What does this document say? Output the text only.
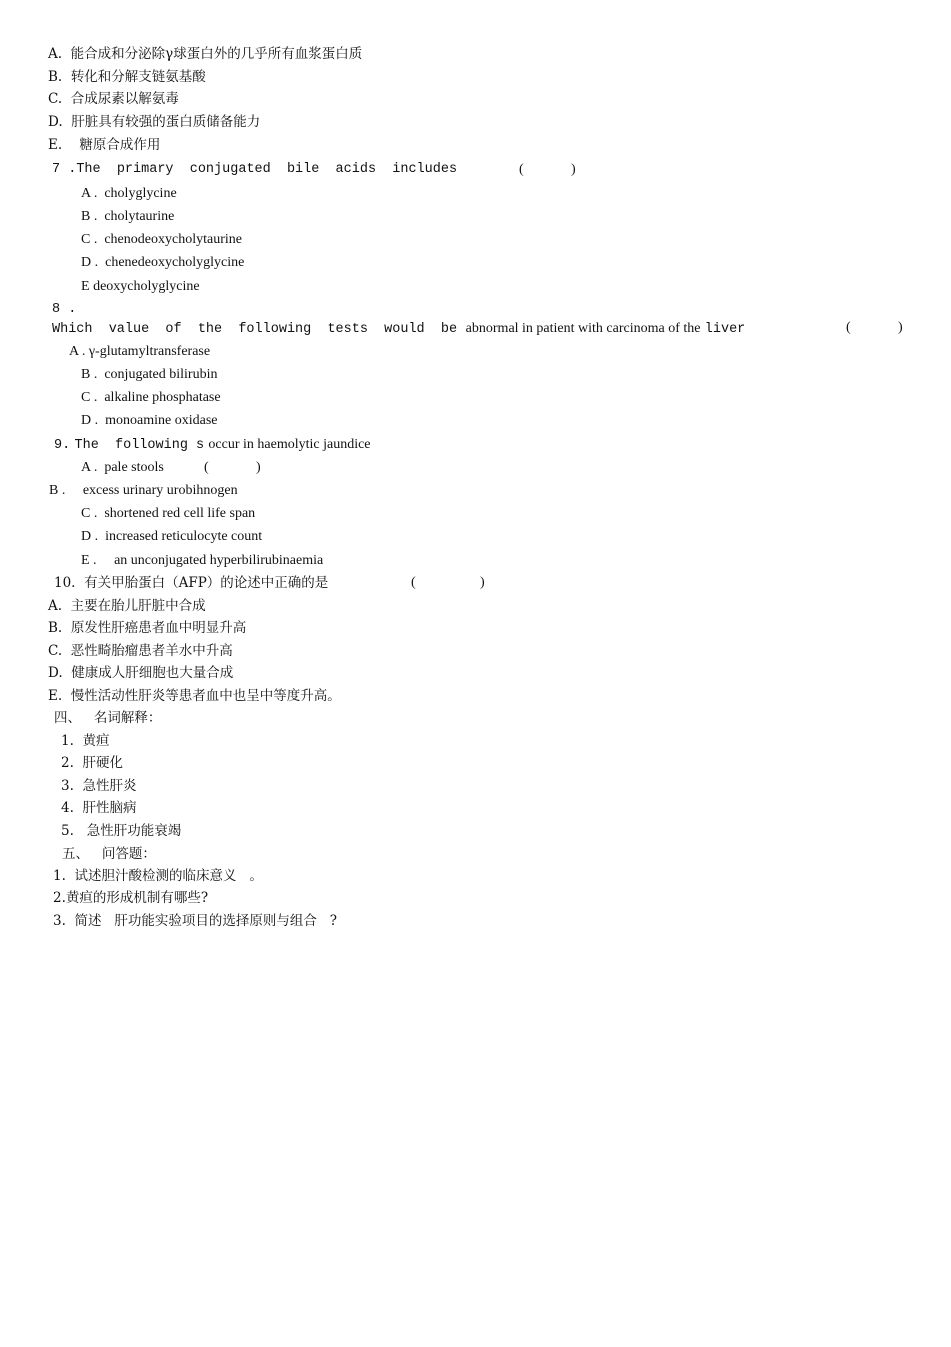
A. 能合成和分泌除γ球蛋白外的几乎所有血浆蛋白质
B. 转化和分解支链氨基酸
C. 合成尿素以解氨毒
D. 肝脏具有较强的蛋白质储备能力
E. 糖原合成作用
7 .The  primary  conjugated  bile  acids  includes	(	)
A . cholyglycine
B . cholytaurine
C . chenodeoxycholytaurine
D . chenedeoxycholyglycine
E deoxycholyglycine
8 .
Which  value  of  the  following  tests  would  be abnormal in patient with carcinoma of the liver	(	)
A . γ-glutamyltransferase
B . conjugated bilirubin
C . alkaline phosphatase
D . monoamine oxidase
9. The  following s occur in haemolytic jaundice
A . pale stools	(	)
B . excess urinary urobihnogen
C . shortened red cell life span
D . increased reticulocyte count
E . an unconjugated hyperbilirubinaemia
10. 有关甲胎蛋白（AFP）的论述中正确的是	(	)
A. 主要在胎儿肝脏中合成
B. 原发性肝癌患者血中明显升高
C. 恶性畸胎瘤患者羊水中升高
D. 健康成人肝细胞也大量合成
E. 慢性活动性肝炎等患者血中也呈中等度升高。
四、 名词解释：
1. 黄疸
2. 肝硬化
3. 急性肝炎
4. 肝性脑病
5. 急性肝功能衰竭
五、 问答题：
1. 试述胆汁酸检测的临床意义 。
2.黄疸的形成机制有哪些?
3. 简述   肝功能实验项目的选择原则与组合 ?
